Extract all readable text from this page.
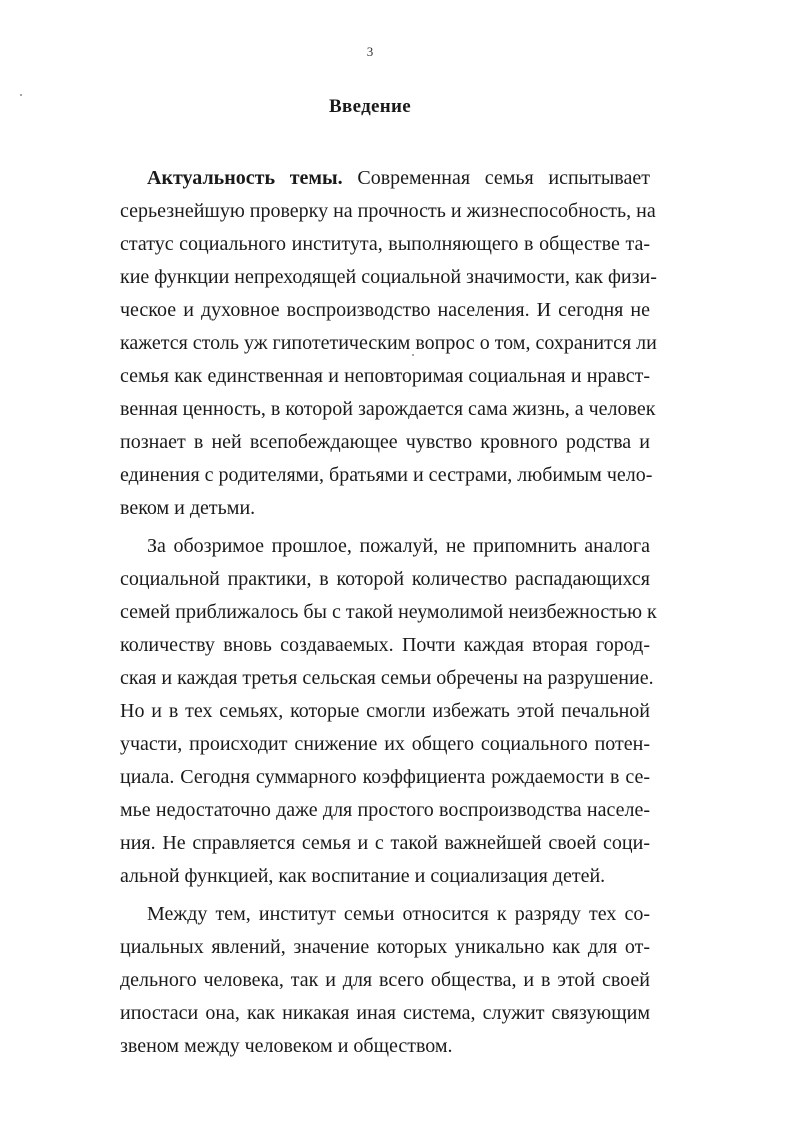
3
Введение
Актуальность темы. Современная семья испытывает
серьезнейшую проверку на прочность и жизнеспособность, на
статус социального института, выполняющего в обществе та-
кие функции непреходящей социальной значимости, как физи-
ческое и духовное воспроизводство населения. И сегодня не
кажется столь уж гипотетическим вопрос о том, сохранится ли
семья как единственная и неповторимая социальная и нравст-
венная ценность, в которой зарождается сама жизнь, а человек
познает в ней всепобеждающее чувство кровного родства и
единения с родителями, братьями и сестрами, любимым чело-
веком и детьми.
За обозримое прошлое, пожалуй, не припомнить аналога
социальной практики, в которой количество распадающихся
семей приближалось бы с такой неумолимой неизбежностью к
количеству вновь создаваемых. Почти каждая вторая город-
ская и каждая третья сельская семьи обречены на разрушение.
Но и в тех семьях, которые смогли избежать этой печальной
участи, происходит снижение их общего социального потен-
циала. Сегодня суммарного коэффициента рождаемости в се-
мье недостаточно даже для простого воспроизводства населе-
ния. Не справляется семья и с такой важнейшей своей соци-
альной функцией, как воспитание и социализация детей.
Между тем, институт семьи относится к разряду тех со-
циальных явлений, значение которых уникально как для от-
дельного человека, так и для всего общества, и в этой своей
ипостаси она, как никакая иная система, служит связующим
звеном между человеком и обществом.
